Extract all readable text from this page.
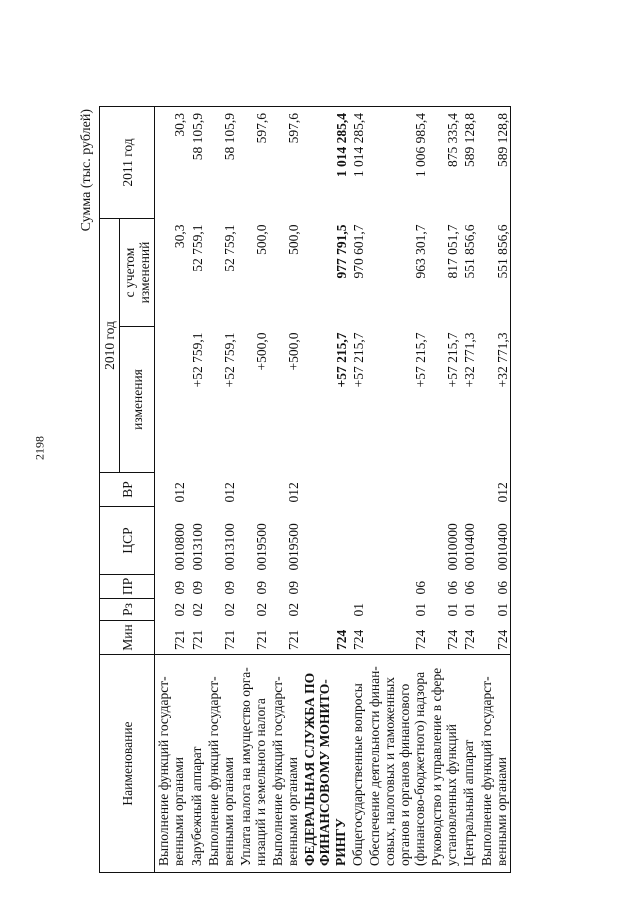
2198
Сумма (тыс. рублей)
Наименование	Мин	Рз	ПР	ЦСР	ВР	2010 год		2011 год
						изменения	с учетом изменений	
Выполнение функций государст-венными органами	721	02	09	0010800	012		30,3	30,3
Зарубежный аппарат	721	02	09	0013100		+52 759,1	52 759,1	58 105,9
Выполнение функций государст-венными органами	721	02	09	0013100	012	+52 759,1	52 759,1	58 105,9
Уплата налога на имущество орга-низаций и земельного налога	721	02	09	0019500		+500,0	500,0	597,6
Выполнение функций государст-венными органами	721	02	09	0019500	012	+500,0	500,0	597,6
ФЕДЕРАЛЬНАЯ СЛУЖБА ПО ФИНАНСОВОМУ МОНИТО-РИНГУ	724					+57 215,7	977 791,5	1 014 285,4
Общегосударственные вопросы	724	01				+57 215,7	970 601,7	1 014 285,4
Обеспечение деятельности финан-совых, налоговых и таможенных органов и органов финансового (финансово-бюджетного) надзора	724	01	06			+57 215,7	963 301,7	1 006 985,4
Руководство и управление в сфере установленных функций	724	01	06	0010000		+57 215,7	817 051,7	875 335,4
Центральный аппарат	724	01	06	0010400		+32 771,3	551 856,6	589 128,8
Выполнение функций государст-венными органами	724	01	06	0010400	012	+32 771,3	551 856,6	589 128,8
